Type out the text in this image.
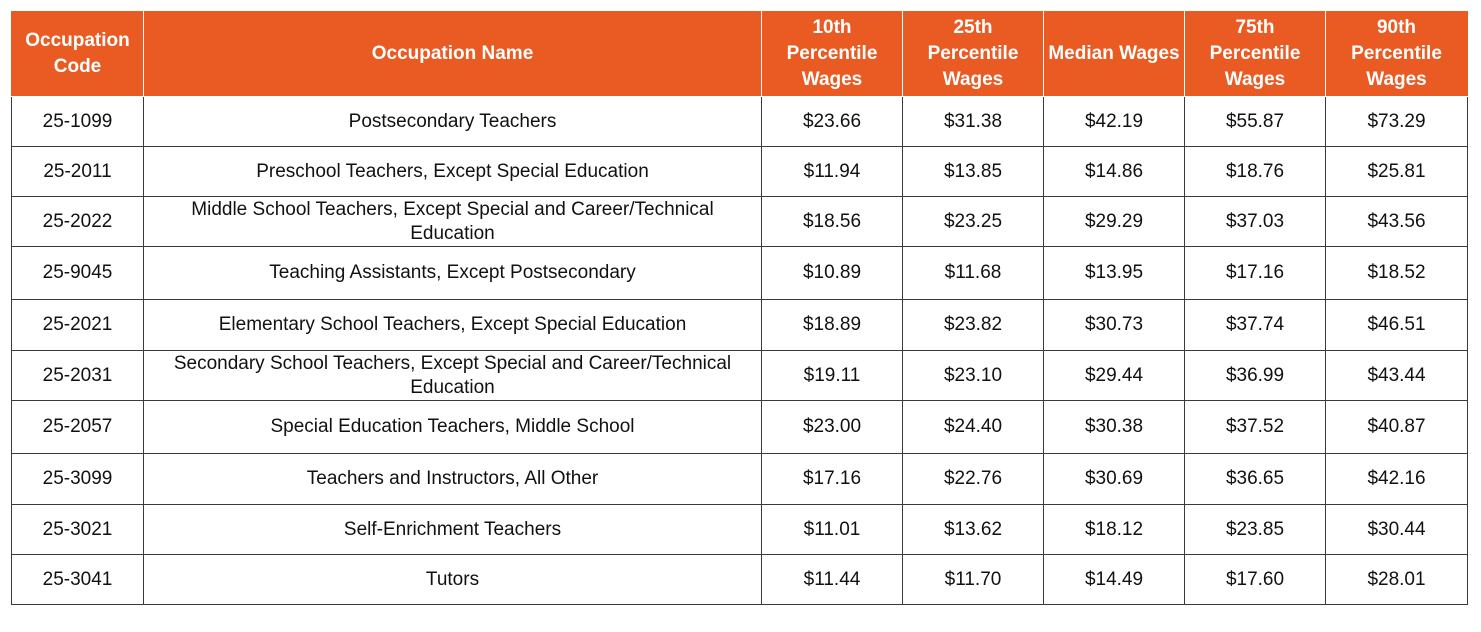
Occupation Code	Occupation Name	10th Percentile Wages	25th Percentile Wages	Median Wages	75th Percentile Wages	90th Percentile Wages
25-1099	Postsecondary Teachers	$23.66	$31.38	$42.19	$55.87	$73.29
25-2011	Preschool Teachers, Except Special Education	$11.94	$13.85	$14.86	$18.76	$25.81
25-2022	Middle School Teachers, Except Special and Career/Technical Education	$18.56	$23.25	$29.29	$37.03	$43.56
25-9045	Teaching Assistants, Except Postsecondary	$10.89	$11.68	$13.95	$17.16	$18.52
25-2021	Elementary School Teachers, Except Special Education	$18.89	$23.82	$30.73	$37.74	$46.51
25-2031	Secondary School Teachers, Except Special and Career/Technical Education	$19.11	$23.10	$29.44	$36.99	$43.44
25-2057	Special Education Teachers, Middle School	$23.00	$24.40	$30.38	$37.52	$40.87
25-3099	Teachers and Instructors, All Other	$17.16	$22.76	$30.69	$36.65	$42.16
25-3021	Self-Enrichment Teachers	$11.01	$13.62	$18.12	$23.85	$30.44
25-3041	Tutors	$11.44	$11.70	$14.49	$17.60	$28.01
